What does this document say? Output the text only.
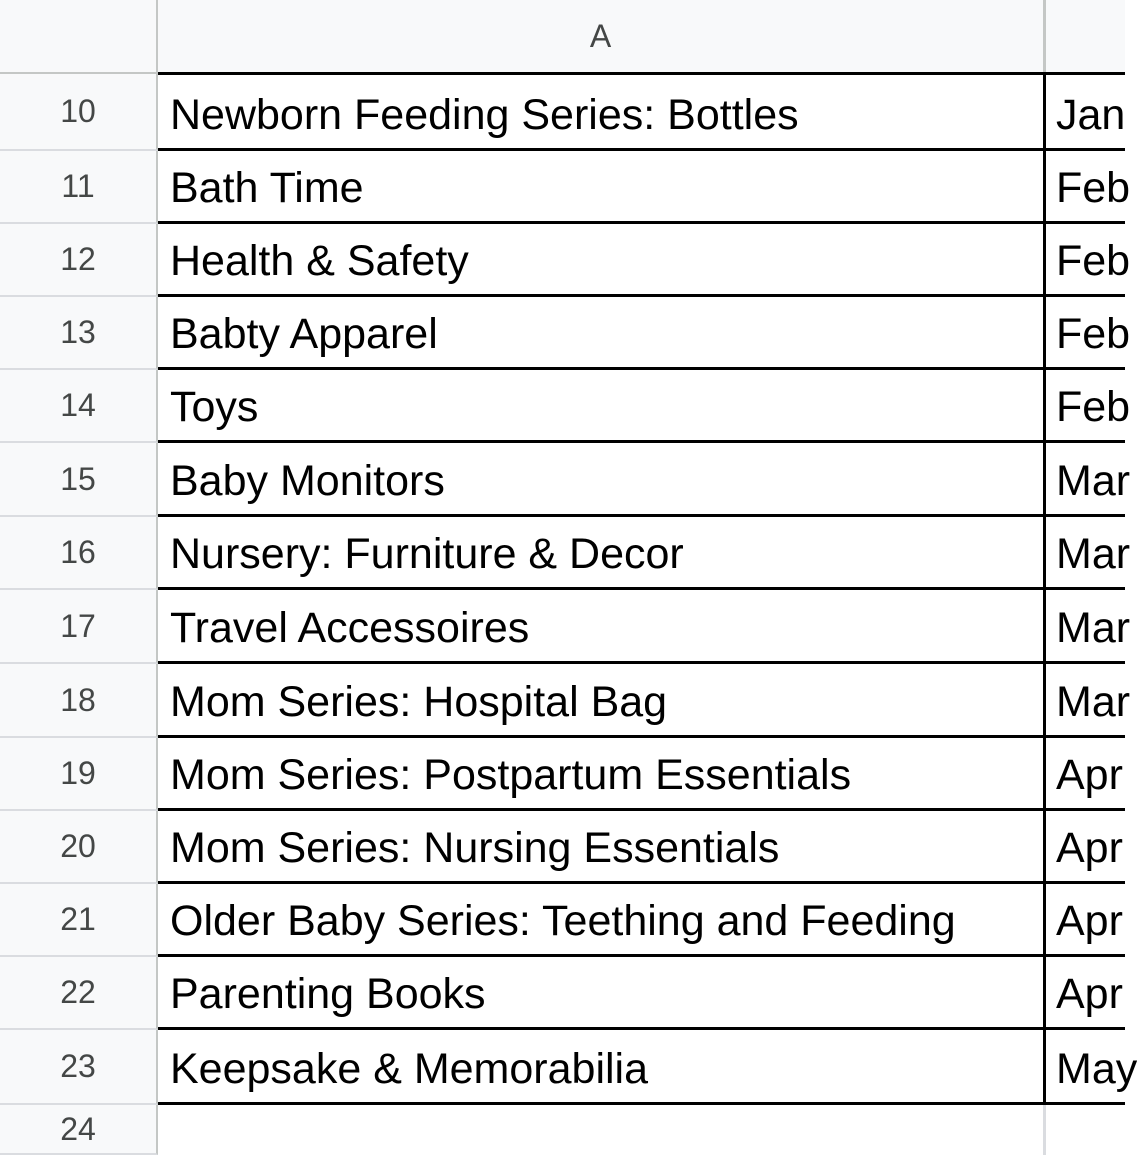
A
10	Newborn Feeding Series: Bottles	Jan
11	Bath Time	Feb
12	Health & Safety	Feb
13	Babty Apparel	Feb
14	Toys	Feb
15	Baby Monitors	Mar
16	Nursery: Furniture & Decor	Mar
17	Travel Accessoires	Mar
18	Mom Series: Hospital Bag	Mar
19	Mom Series: Postpartum Essentials	Apr
20	Mom Series: Nursing Essentials	Apr
21	Older Baby Series: Teething and Feeding	Apr
22	Parenting Books	Apr
23	Keepsake & Memorabilia	May
24
